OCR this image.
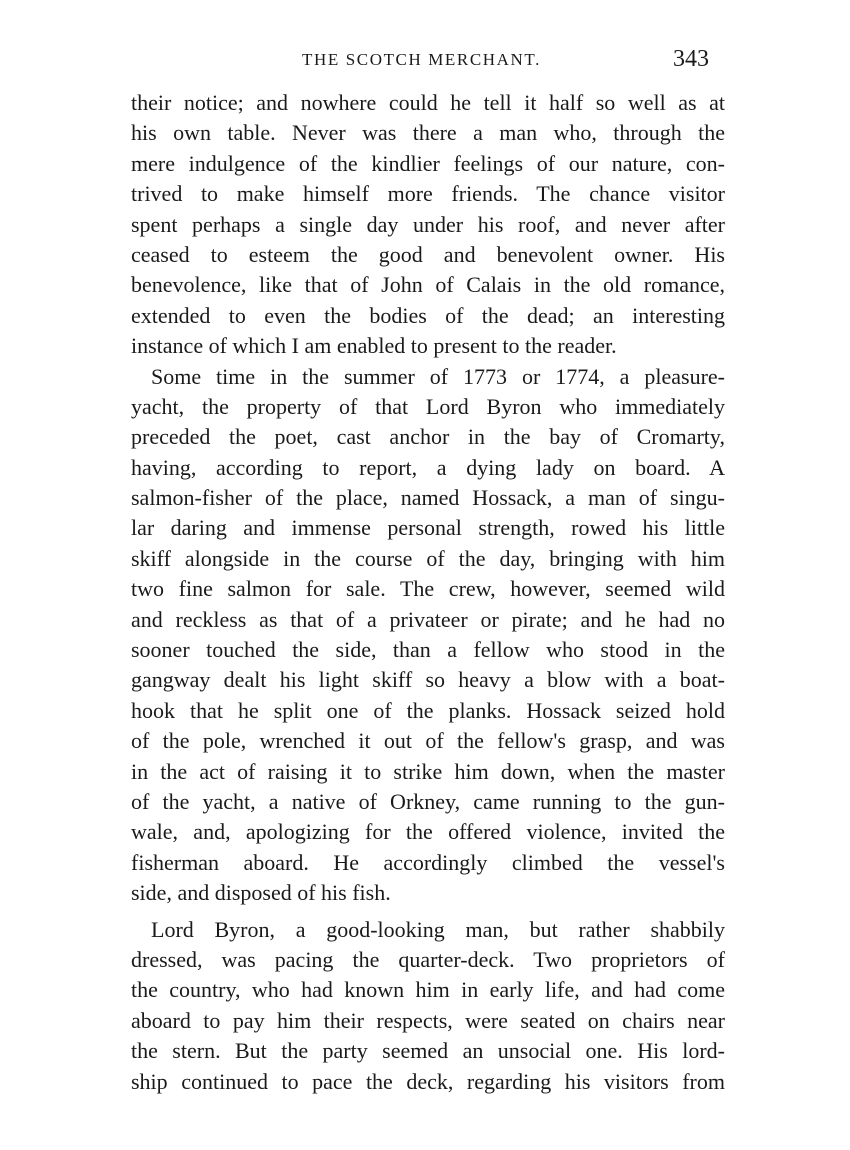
THE SCOTCH MERCHANT.	343
their notice; and nowhere could he tell it half so well as at
his own table. Never was there a man who, through the
mere indulgence of the kindlier feelings of our nature, con-
trived to make himself more friends. The chance visitor
spent perhaps a single day under his roof, and never after
ceased to esteem the good and benevolent owner. His
benevolence, like that of John of Calais in the old romance,
extended to even the bodies of the dead; an interesting
instance of which I am enabled to present to the reader.
Some time in the summer of 1773 or 1774, a pleasure-
yacht, the property of that Lord Byron who immediately
preceded the poet, cast anchor in the bay of Cromarty,
having, according to report, a dying lady on board. A
salmon-fisher of the place, named Hossack, a man of singu-
lar daring and immense personal strength, rowed his little
skiff alongside in the course of the day, bringing with him
two fine salmon for sale. The crew, however, seemed wild
and reckless as that of a privateer or pirate; and he had no
sooner touched the side, than a fellow who stood in the
gangway dealt his light skiff so heavy a blow with a boat-
hook that he split one of the planks. Hossack seized hold
of the pole, wrenched it out of the fellow's grasp, and was
in the act of raising it to strike him down, when the master
of the yacht, a native of Orkney, came running to the gun-
wale, and, apologizing for the offered violence, invited the
fisherman aboard. He accordingly climbed the vessel's
side, and disposed of his fish.
Lord Byron, a good-looking man, but rather shabbily
dressed, was pacing the quarter-deck. Two proprietors of
the country, who had known him in early life, and had come
aboard to pay him their respects, were seated on chairs near
the stern. But the party seemed an unsocial one. His lord-
ship continued to pace the deck, regarding his visitors from
